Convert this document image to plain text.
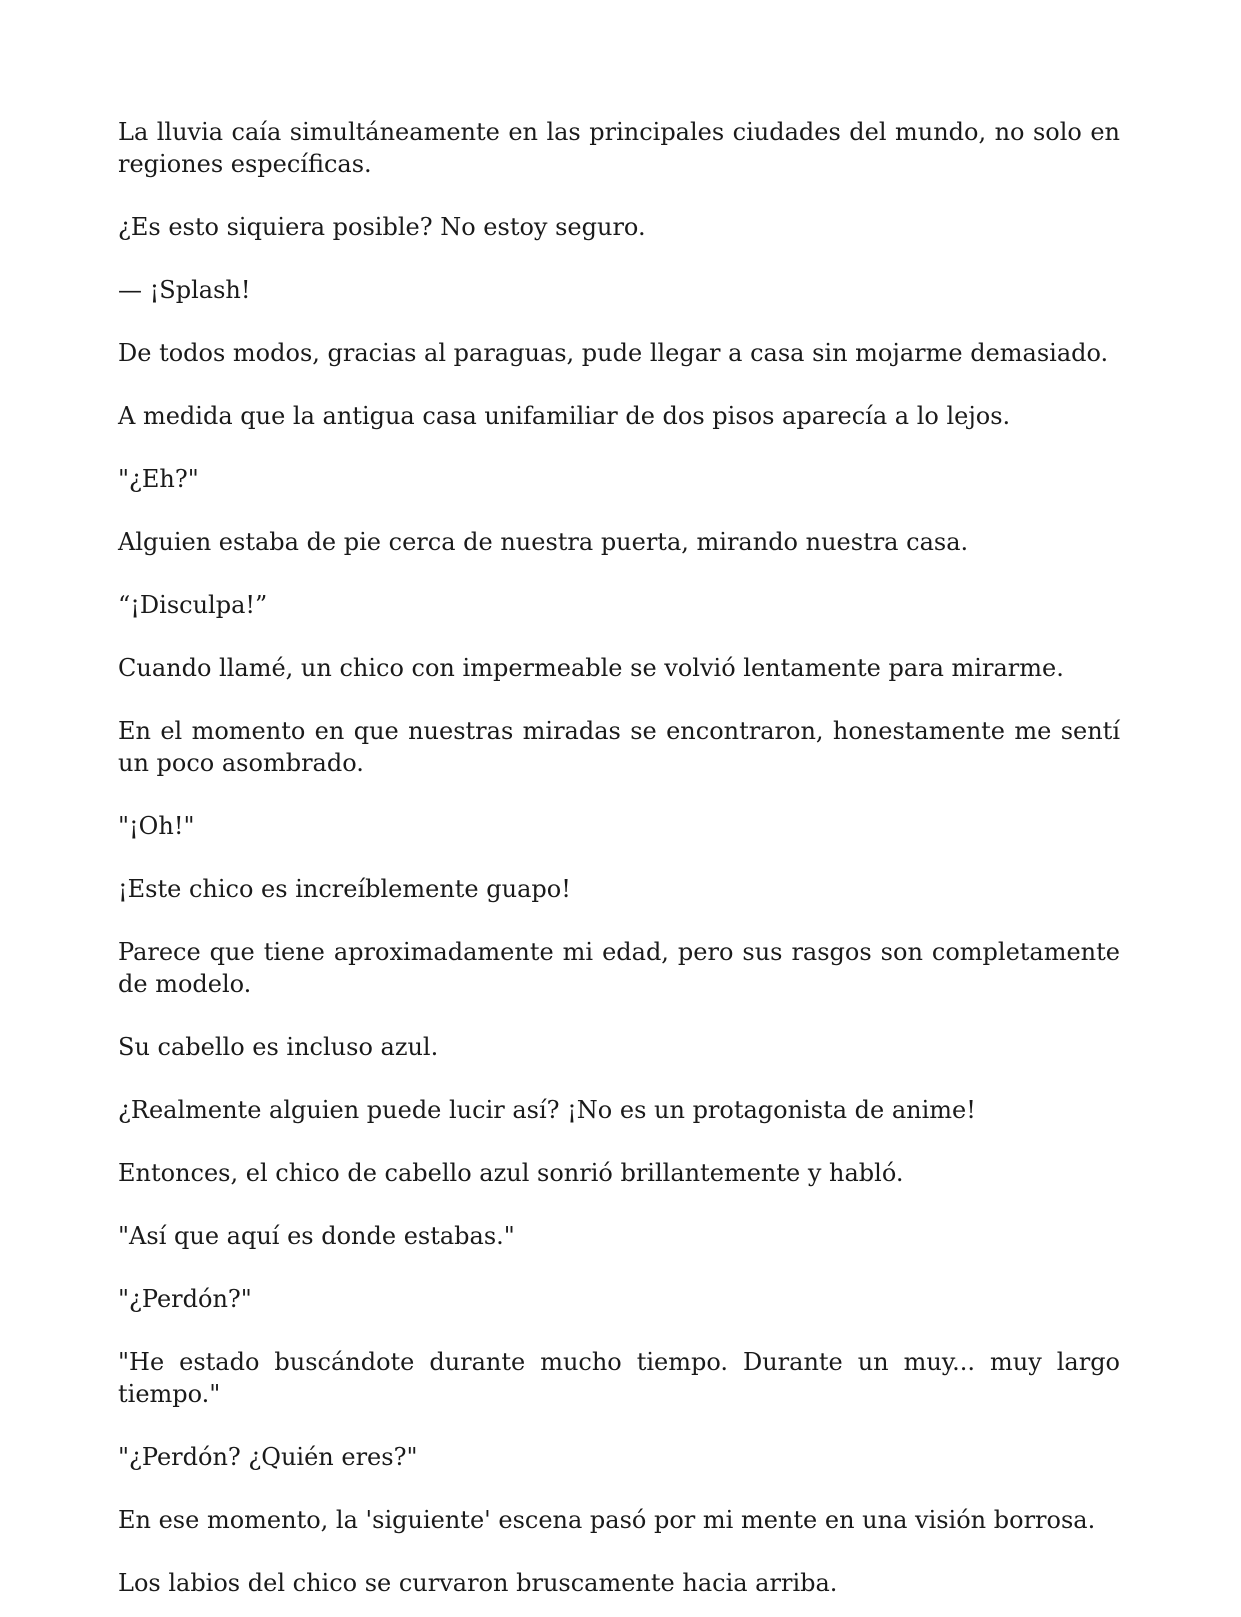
La lluvia caía simultáneamente en las principales ciudades del mundo, no solo en regiones específicas.

¿Es esto siquiera posible? No estoy seguro.

— ¡Splash!

De todos modos, gracias al paraguas, pude llegar a casa sin mojarme demasiado.

A medida que la antigua casa unifamiliar de dos pisos aparecía a lo lejos.

"¿Eh?"

Alguien estaba de pie cerca de nuestra puerta, mirando nuestra casa.

“¡Disculpa!”

Cuando llamé, un chico con impermeable se volvió lentamente para mirarme.

En el momento en que nuestras miradas se encontraron, honestamente me sentí un poco asombrado.

"¡Oh!"

¡Este chico es increíblemente guapo!

Parece que tiene aproximadamente mi edad, pero sus rasgos son completamente de modelo.

Su cabello es incluso azul.

¿Realmente alguien puede lucir así? ¡No es un protagonista de anime!

Entonces, el chico de cabello azul sonrió brillantemente y habló.

"Así que aquí es donde estabas."

"¿Perdón?"

"He estado buscándote durante mucho tiempo. Durante un muy... muy largo tiempo."

"¿Perdón? ¿Quién eres?"

En ese momento, la 'siguiente' escena pasó por mi mente en una visión borrosa.

Los labios del chico se curvaron bruscamente hacia arriba.
